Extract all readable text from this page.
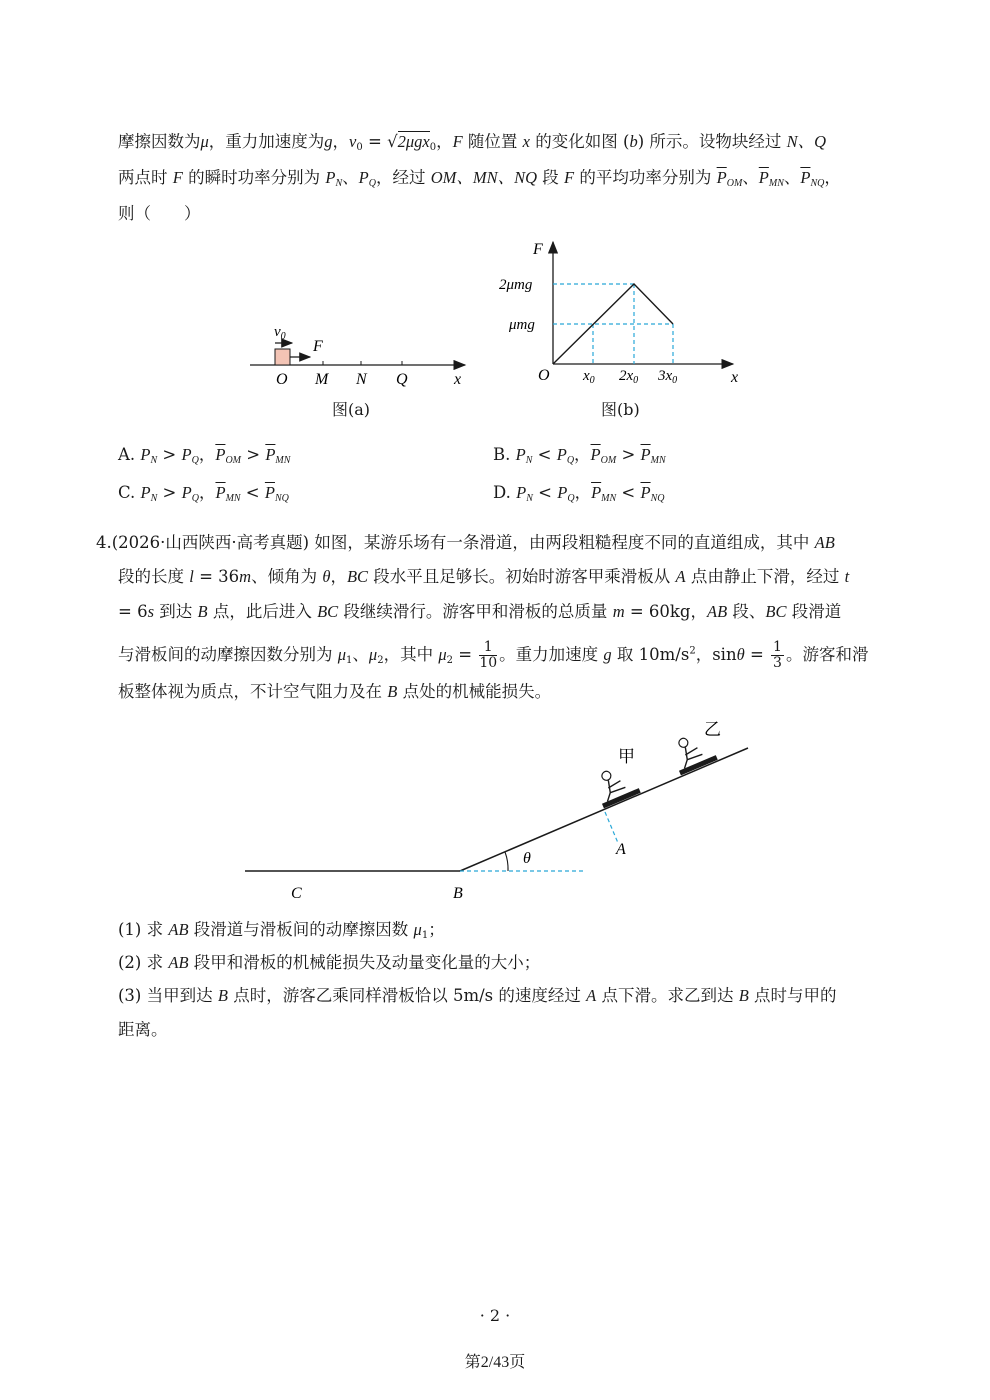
摩擦因数为μ，重力加速度为g，$v_0 = √2\mu gx_0$，F 随位置 x 的变化如图 (b) 所示。设物块经过 N、Q
两点时 F 的瞬时功率分别为 $P_N$、$P_Q$，经过 OM、MN、NQ 段 F 的平均功率分别为 $\overline{P}_{OM}$、$\overline{P}_{MN}$、$\overline{P}_{NQ}$，
则（　　）
$v_0$
F
O M N Q	x
图(a)
F
2μmg
μmg
O $x_0$ $2x_0$ $3x_0$	x
图(b)
A. $P_N > P_Q$，$\overline{P}_{OM} > \overline{P}_{MN}$	B. $P_N < P_Q$，$\overline{P}_{OM} > \overline{P}_{MN}$
C. $P_N > P_Q$，$\overline{P}_{MN} < \overline{P}_{NQ}$	D. $P_N < P_Q$，$\overline{P}_{MN} < \overline{P}_{NQ}$
4.(2026·山西陕西·高考真题) 如图，某游乐场有一条滑道，由两段粗糙程度不同的直道组成，其中 AB
段的长度 l = 36m、倾角为 θ，BC 段水平且足够长。初始时游客甲乘滑板从 A 点由静止下滑，经过 t
= 6s 到达 B 点，此后进入 BC 段继续滑行。游客甲和滑板的总质量 m = 60kg，AB 段、BC 段滑道
与滑板间的动摩擦因数分别为 $\mu_1$、$\mu_2$，其中 $\mu_2 = \frac{1}{10}$ 。重力加速度 g 取 $10m/s^2$，$\sin\theta = \frac{1}{3}$ 。游客和滑
板整体视为质点，不计空气阻力及在 B 点处的机械能损失。
θ
A
C	B
甲
乙
(1) 求 AB 段滑道与滑板间的动摩擦因数 $\mu_1$；
(2) 求 AB 段甲和滑板的机械能损失及动量变化量的大小；
(3) 当甲到达 B 点时，游客乙乘同样滑板恰以 5m/s 的速度经过 A 点下滑。求乙到达 B 点时与甲的
距离。
· 2 ·
第2/43页
